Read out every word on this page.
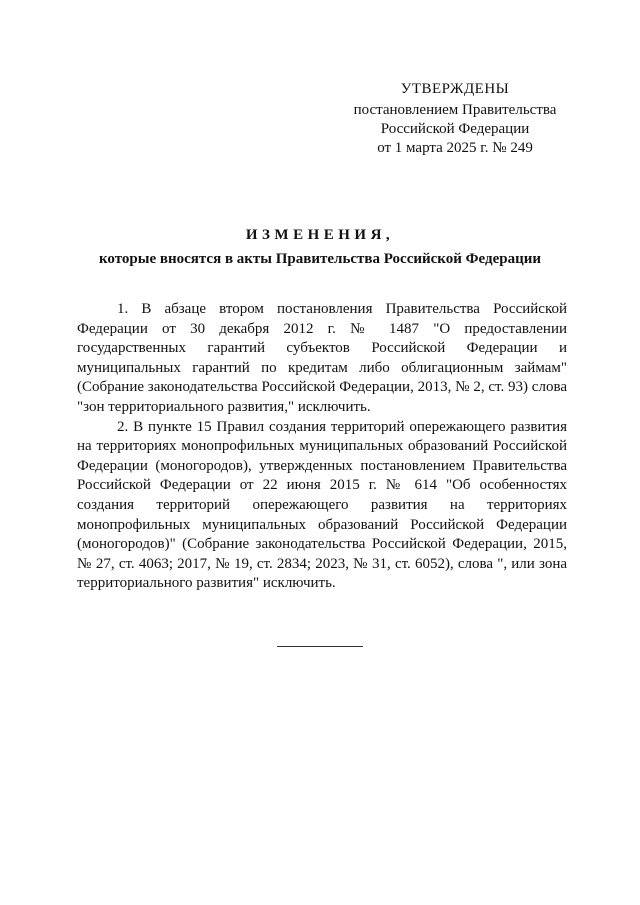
УТВЕРЖДЕНЫ
постановлением Правительства
Российской Федерации
от 1 марта 2025 г. № 249
ИЗМЕНЕНИЯ,
которые вносятся в акты Правительства Российской Федерации

1. В абзаце втором постановления Правительства Российской Федерации от 30 декабря 2012 г. № 1487 "О предоставлении государственных гарантий субъектов Российской Федерации и муниципальных гарантий по кредитам либо облигационным займам" (Собрание законодательства Российской Федерации, 2013, № 2, ст. 93) слова "зон территориального развития," исключить.

2. В пункте 15 Правил создания территорий опережающего развития на территориях монопрофильных муниципальных образований Российской Федерации (моногородов), утвержденных постановлением Правительства Российской Федерации от 22 июня 2015 г. № 614 "Об особенностях создания территорий опережающего развития на территориях монопрофильных муниципальных образований Российской Федерации (моногородов)" (Собрание законодательства Российской Федерации, 2015, № 27, ст. 4063; 2017, № 19, ст. 2834; 2023, № 31, ст. 6052), слова ", или зона территориального развития" исключить.
